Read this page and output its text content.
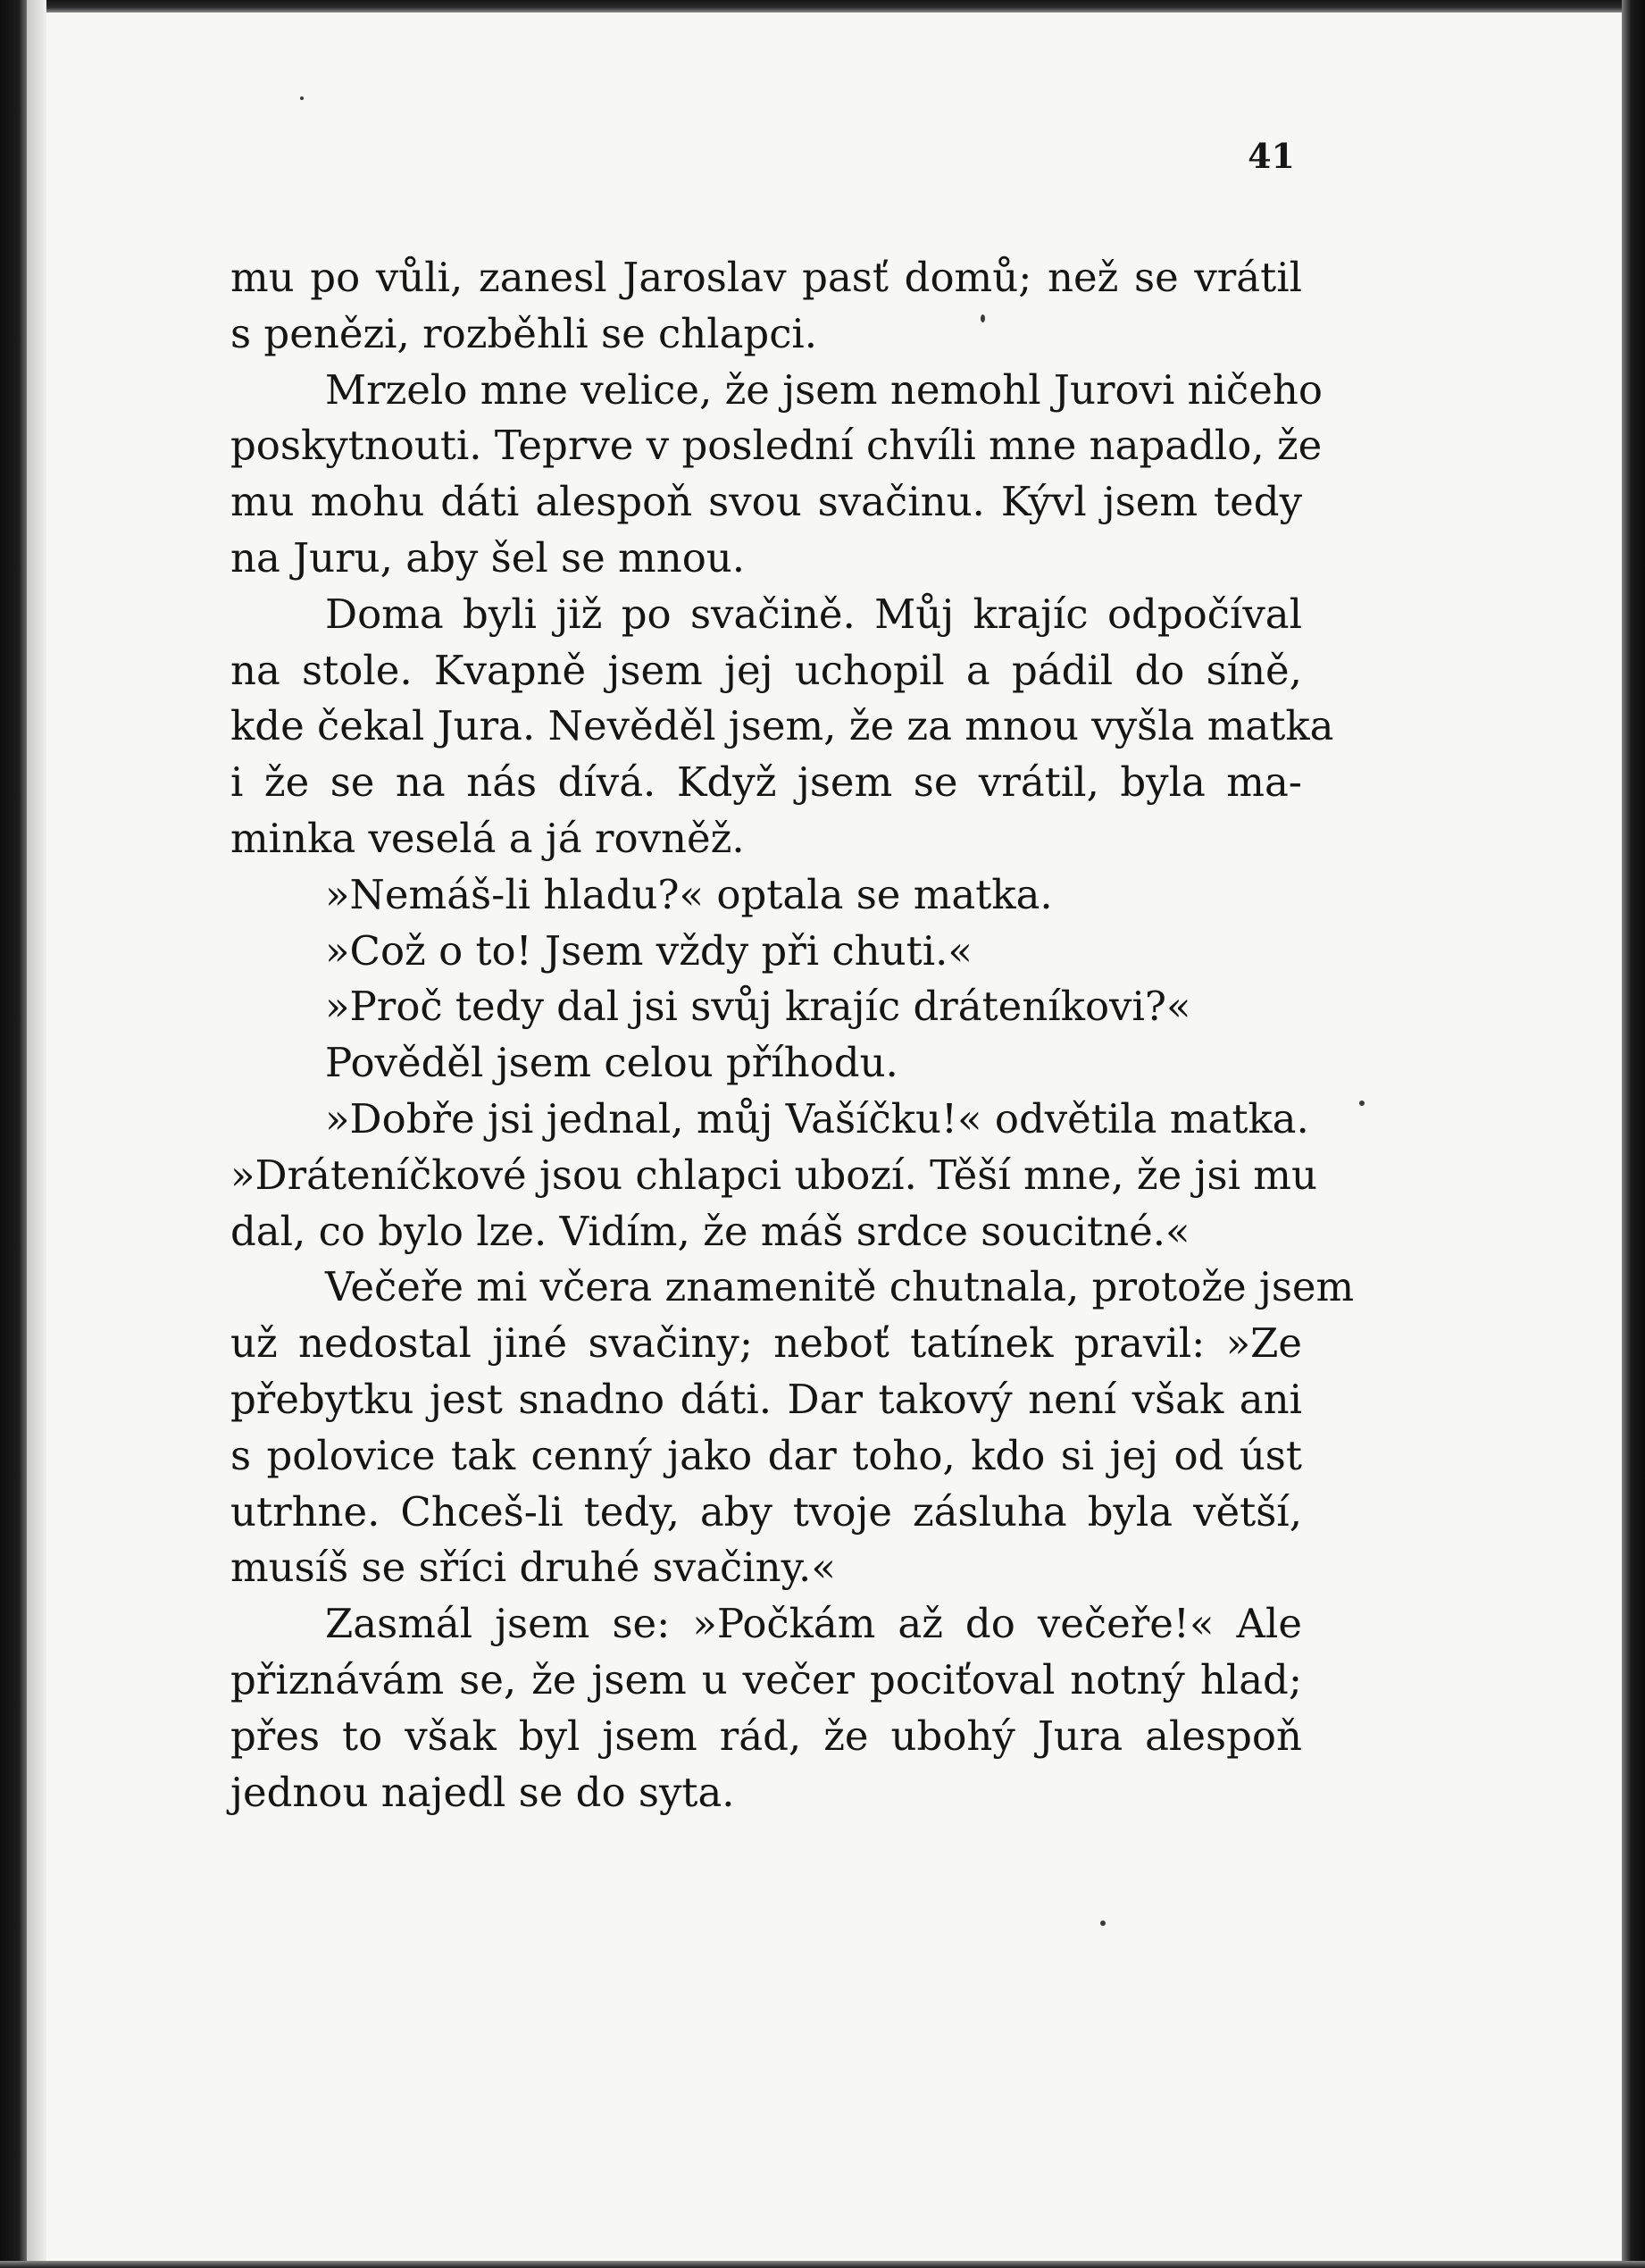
41
mu po vůli, zanesl Jaroslav pasť domů; než se vrátil
s penězi, rozběhli se chlapci.
Mrzelo mne velice, že jsem nemohl Jurovi ničeho
poskytnouti. Teprve v poslední chvíli mne napadlo, že
mu mohu dáti alespoň svou svačinu. Kývl jsem tedy
na Juru, aby šel se mnou.
Doma byli již po svačině. Můj krajíc odpočíval
na stole. Kvapně jsem jej uchopil a pádil do síně,
kde čekal Jura. Nevěděl jsem, že za mnou vyšla matka
i že se na nás dívá. Když jsem se vrátil, byla ma-
minka veselá a já rovněž.
»Nemáš-li hladu?« optala se matka.
»Což o to! Jsem vždy při chuti.«
»Proč tedy dal jsi svůj krajíc dráteníkovi?«
Pověděl jsem celou příhodu.
»Dobře jsi jednal, můj Vašíčku!« odvětila matka.
»Dráteníčkové jsou chlapci ubozí. Těší mne, že jsi mu
dal, co bylo lze. Vidím, že máš srdce soucitné.«
Večeře mi včera znamenitě chutnala, protože jsem
už nedostal jiné svačiny; neboť tatínek pravil: »Ze
přebytku jest snadno dáti. Dar takový není však ani
s polovice tak cenný jako dar toho, kdo si jej od úst
utrhne. Chceš-li tedy, aby tvoje zásluha byla větší,
musíš se sříci druhé svačiny.«
Zasmál jsem se: »Počkám až do večeře!« Ale
přiznávám se, že jsem u večer pociťoval notný hlad;
přes to však byl jsem rád, že ubohý Jura alespoň
jednou najedl se do syta.
